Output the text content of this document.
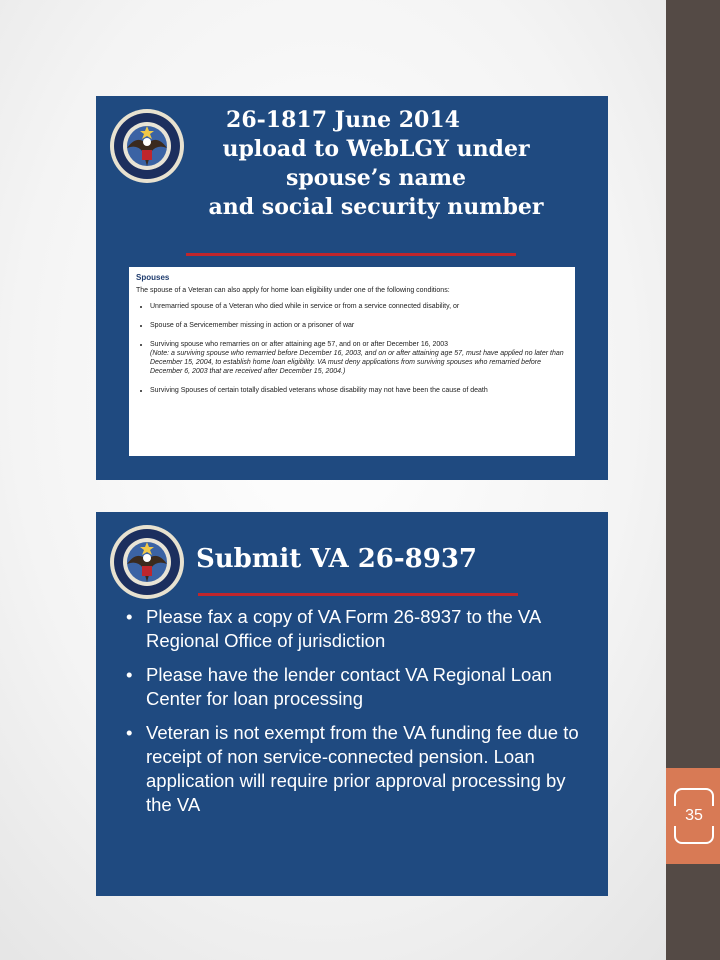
35
26-1817 June 2014
upload to WebLGY under
spouse’s name
and social security number
Spouses
The spouse of a Veteran can also apply for home loan eligibility under one of the following conditions:
• Unremarried spouse of a Veteran who died while in service or from a service connected disability, or
• Spouse of a Servicemember missing in action or a prisoner of war
• Surviving spouse who remarries on or after attaining age 57, and on or after December 16, 2003
(Note: a surviving spouse who remarried before December 16, 2003, and on or after attaining age 57, must have applied no later than December 15, 2004, to establish home loan eligibility. VA must deny applications from surviving spouses who remarried before December 6, 2003 that are received after December 15, 2004.)
• Surviving Spouses of certain totally disabled veterans whose disability may not have been the cause of death
Submit VA 26-8937
• Please fax a copy of VA Form 26-8937 to the VA Regional Office of jurisdiction
• Please have the lender contact VA Regional Loan Center for loan processing
• Veteran is not exempt from the VA funding fee due to receipt of non service-connected pension. Loan application will require prior approval processing by the VA
